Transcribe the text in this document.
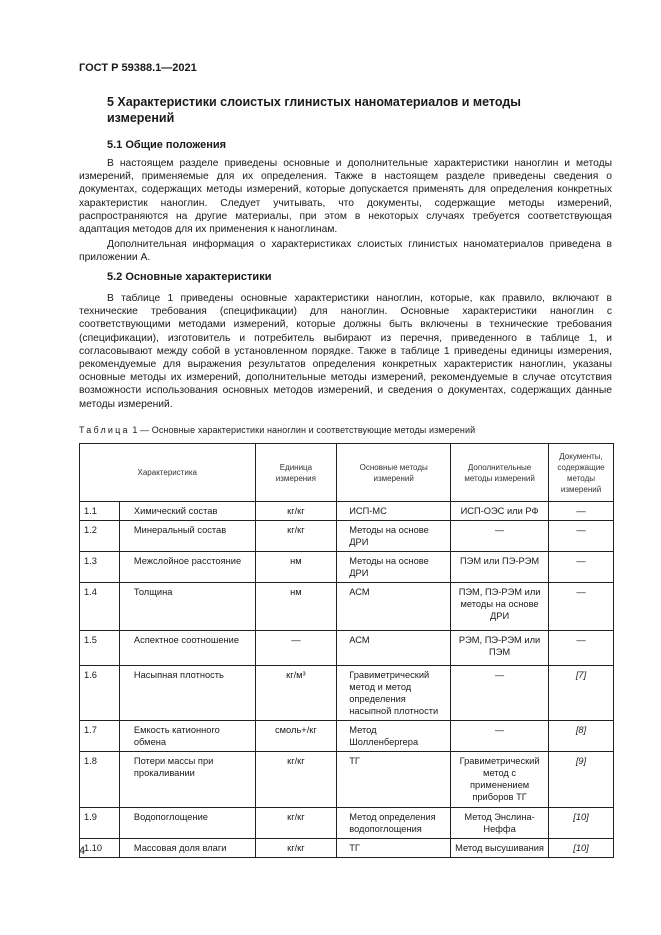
ГОСТ Р 59388.1—2021
5 Характеристики слоистых глинистых наноматериалов и методы измерений
5.1 Общие положения

В настоящем разделе приведены основные и дополнительные характеристики наноглин и методы измерений, применяемые для их определения. Также в настоящем разделе приведены сведения о документах, содержащих методы измерений, которые допускается применять для определения конкретных характеристик наноглин. Следует учитывать, что документы, содержащие методы измерений, распространяются на другие материалы, при этом в некоторых случаях требуется соответствующая адаптация методов для их применения к наноглинам.

Дополнительная информация о характеристиках слоистых глинистых наноматериалов приведена в приложении А.

5.2 Основные характеристики

В таблице 1 приведены основные характеристики наноглин, которые, как правило, включают в технические требования (спецификации) для наноглин. Основные характеристики наноглин с соответствующими методами измерений, которые должны быть включены в технические требования (спецификации), изготовитель и потребитель выбирают из перечня, приведенного в таблице 1, и согласовывают между собой в установленном порядке. Также в таблице 1 приведены единицы измерения, рекомендуемые для выражения результатов определения конкретных характеристик наноглин, указаны основные методы их измерений, дополнительные методы измерений, рекомендуемые в случае отсутствия возможности использования основных методов измерений, и сведения о документах, содержащих данные методы измерений.

Таблица 1 — Основные характеристики наноглин и соответствующие методы измерений
Характеристика		Единица измерения	Основные методы измерений	Дополнительные методы измерений	Документы, содержащие методы измерений
1.1	Химический состав	кг/кг	ИСП-МС	ИСП-ОЭС или РФ	—
1.2	Минеральный состав	кг/кг	Методы на основе ДРИ	—	—
1.3	Межслойное расстояние	нм	Методы на основе ДРИ	ПЭМ или ПЭ-РЭМ	—
1.4	Толщина	нм	АСМ	ПЭМ, ПЭ-РЭМ или методы на основе ДРИ	—
1.5	Аспектное соотношение	—	АСМ	РЭМ, ПЭ-РЭМ или ПЭМ	—
1.6	Насыпная плотность	кг/м³	Гравиметрический метод и метод определения насыпной плотности	—	[7]
1.7	Емкость катионного обмена	смоль+/кг	Метод Шолленбергера	—	[8]
1.8	Потери массы при прокаливании	кг/кг	ТГ	Гравиметрический метод с применением приборов ТГ	[9]
1.9	Водопоглощение	кг/кг	Метод определения водопоглощения	Метод Энслина-Неффа	[10]
1.10	Массовая доля влаги	кг/кг	ТГ	Метод высушивания	[10]
4
